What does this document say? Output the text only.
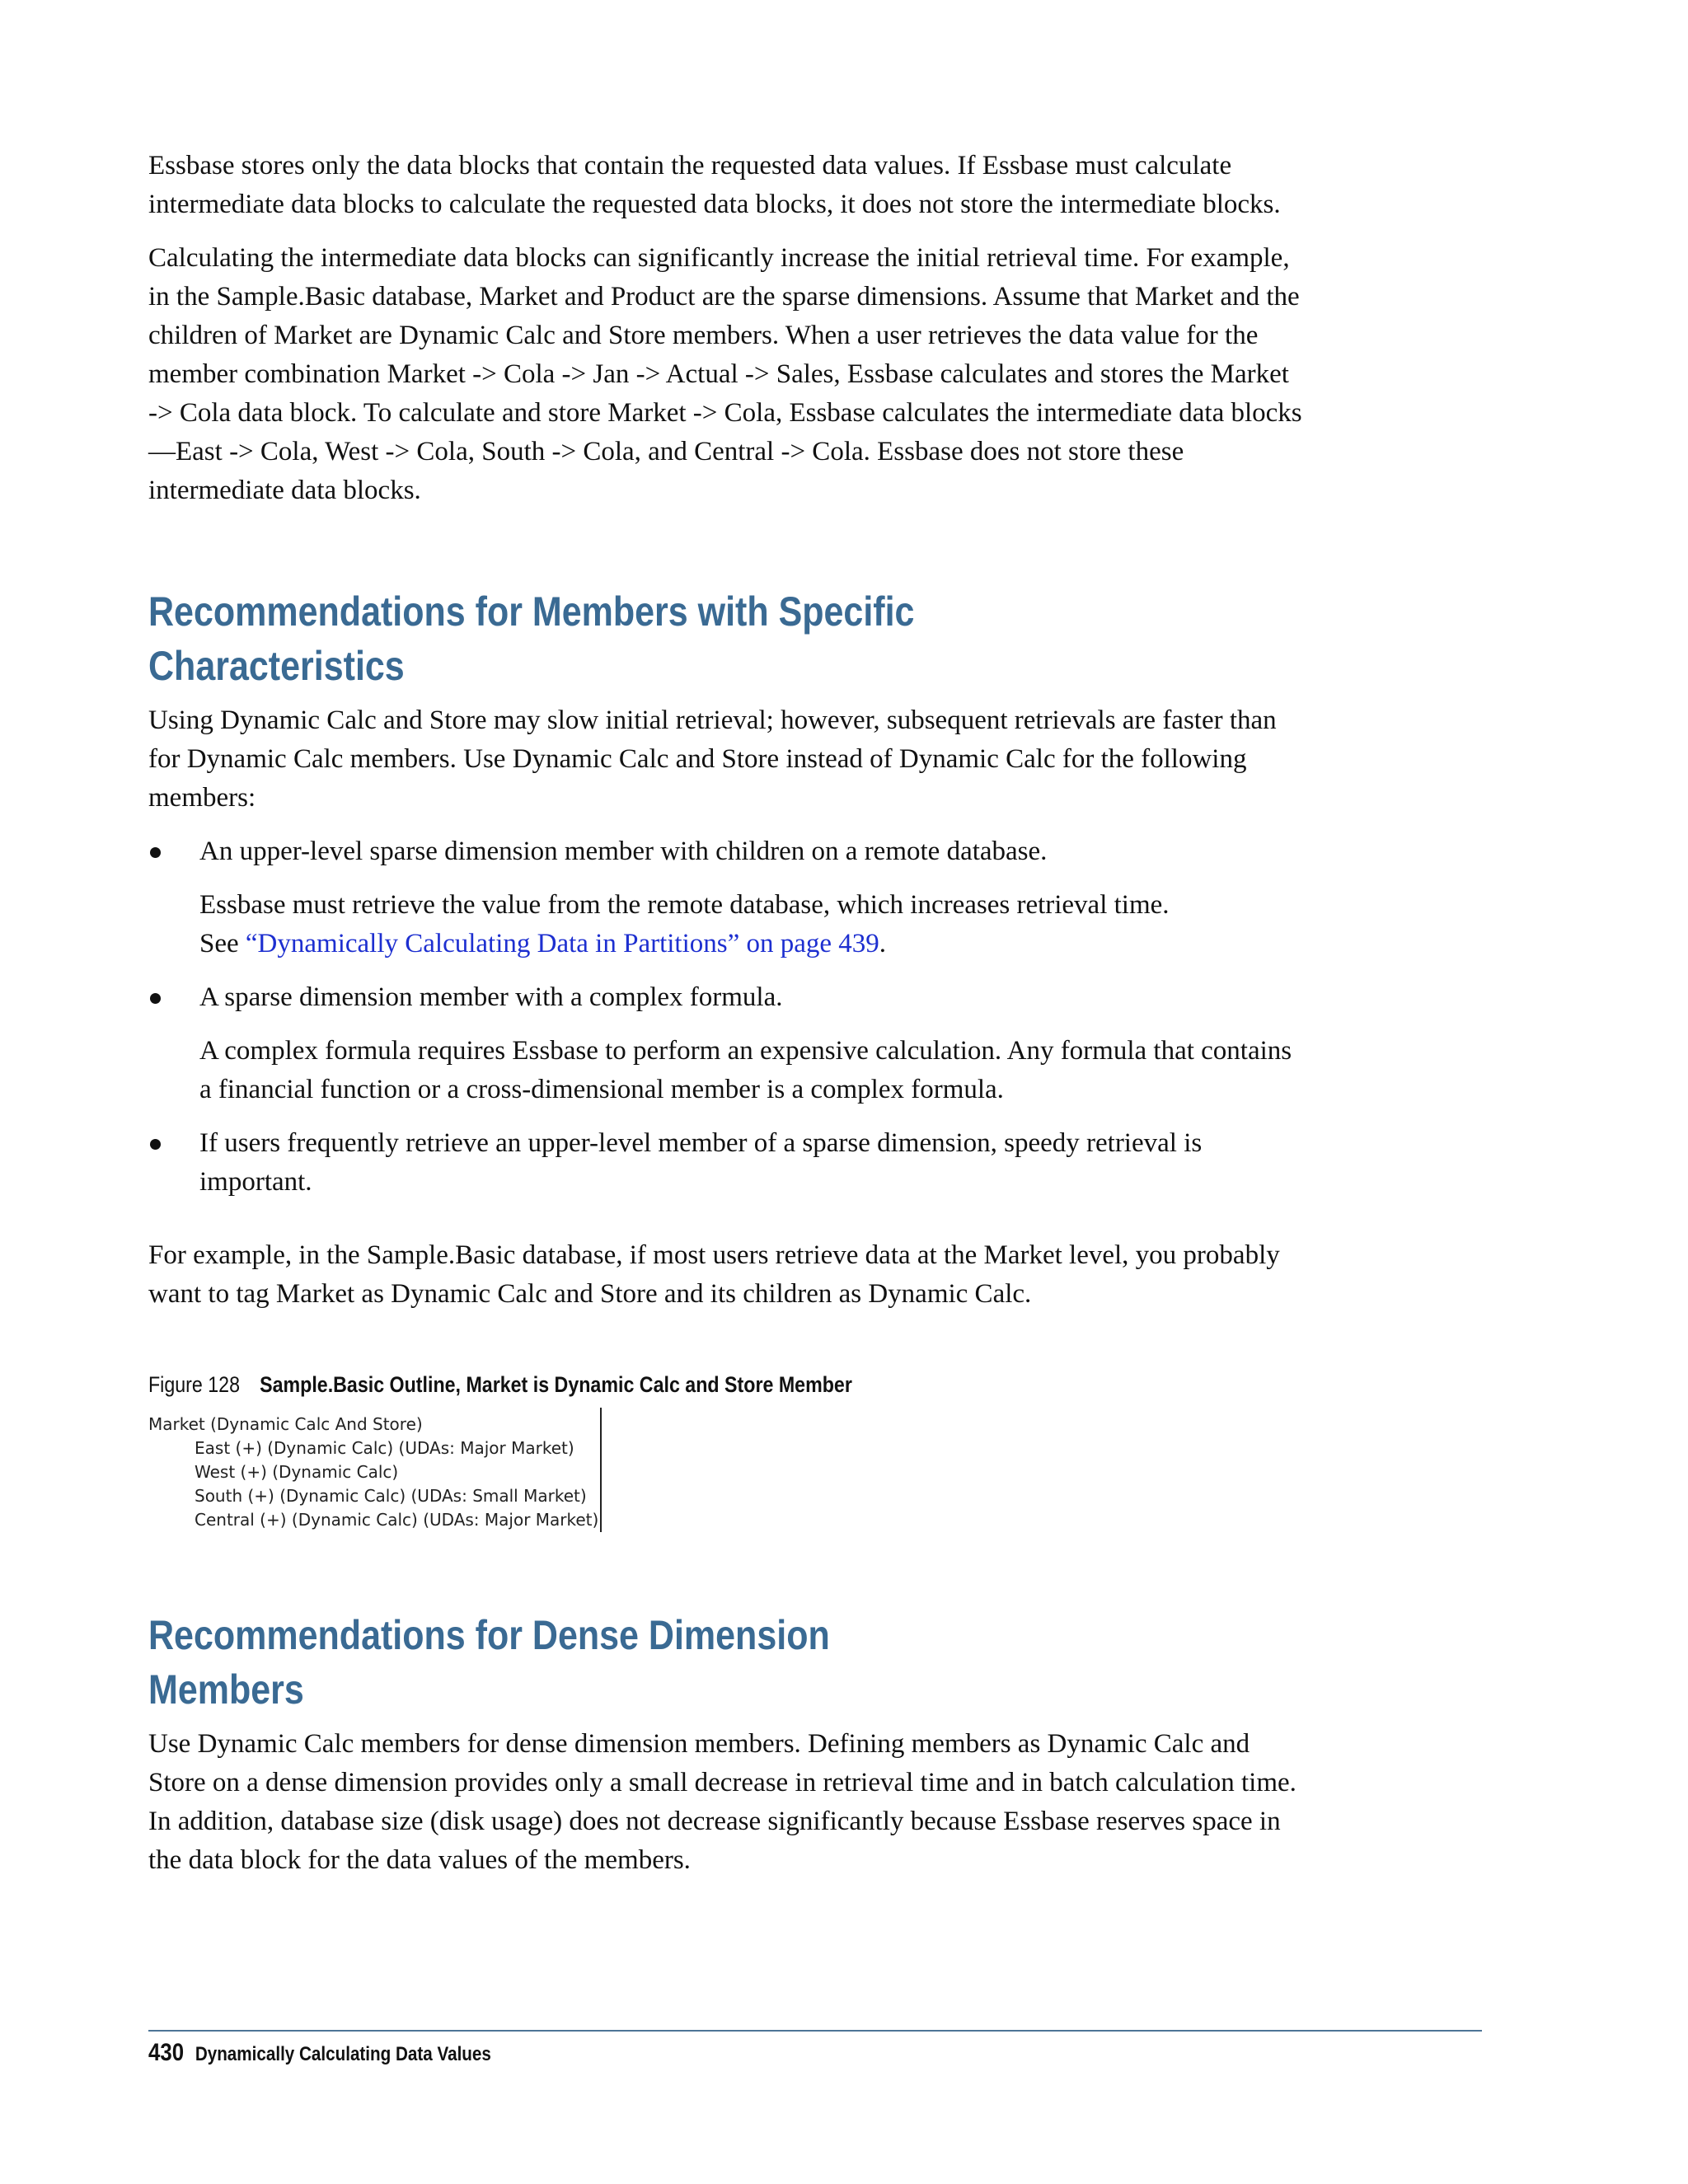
Essbase stores only the data blocks that contain the requested data values. If Essbase must calculate intermediate data blocks to calculate the requested data blocks, it does not store the intermediate blocks.

Calculating the intermediate data blocks can significantly increase the initial retrieval time. For example, in the Sample.Basic database, Market and Product are the sparse dimensions. Assume that Market and the children of Market are Dynamic Calc and Store members. When a user retrieves the data value for the member combination Market -> Cola -> Jan -> Actual -> Sales, Essbase calculates and stores the Market -> Cola data block. To calculate and store Market -> Cola, Essbase calculates the intermediate data blocks—East -> Cola, West -> Cola, South -> Cola, and Central -> Cola. Essbase does not store these intermediate data blocks.

Recommendations for Members with Specific
Characteristics

Using Dynamic Calc and Store may slow initial retrieval; however, subsequent retrievals are faster than for Dynamic Calc members. Use Dynamic Calc and Store instead of Dynamic Calc for the following members:

An upper-level sparse dimension member with children on a remote database.

Essbase must retrieve the value from the remote database, which increases retrieval time.
See “Dynamically Calculating Data in Partitions” on page 439.

A sparse dimension member with a complex formula.

A complex formula requires Essbase to perform an expensive calculation. Any formula that contains a financial function or a cross-dimensional member is a complex formula.

If users frequently retrieve an upper-level member of a sparse dimension, speedy retrieval is important.

For example, in the Sample.Basic database, if most users retrieve data at the Market level, you probably want to tag Market as Dynamic Calc and Store and its children as Dynamic Calc.

Figure 128 Sample.Basic Outline, Market is Dynamic Calc and Store Member

Market (Dynamic Calc And Store)
East (+) (Dynamic Calc) (UDAs: Major Market)
West (+) (Dynamic Calc)
South (+) (Dynamic Calc) (UDAs: Small Market)
Central (+) (Dynamic Calc) (UDAs: Major Market)
Recommendations for Dense Dimension Members

Use Dynamic Calc members for dense dimension members. Defining members as Dynamic Calc and Store on a dense dimension provides only a small decrease in retrieval time and in batch calculation time. In addition, database size (disk usage) does not decrease significantly because Essbase reserves space in the data block for the data values of the members.

430 Dynamically Calculating Data Values
